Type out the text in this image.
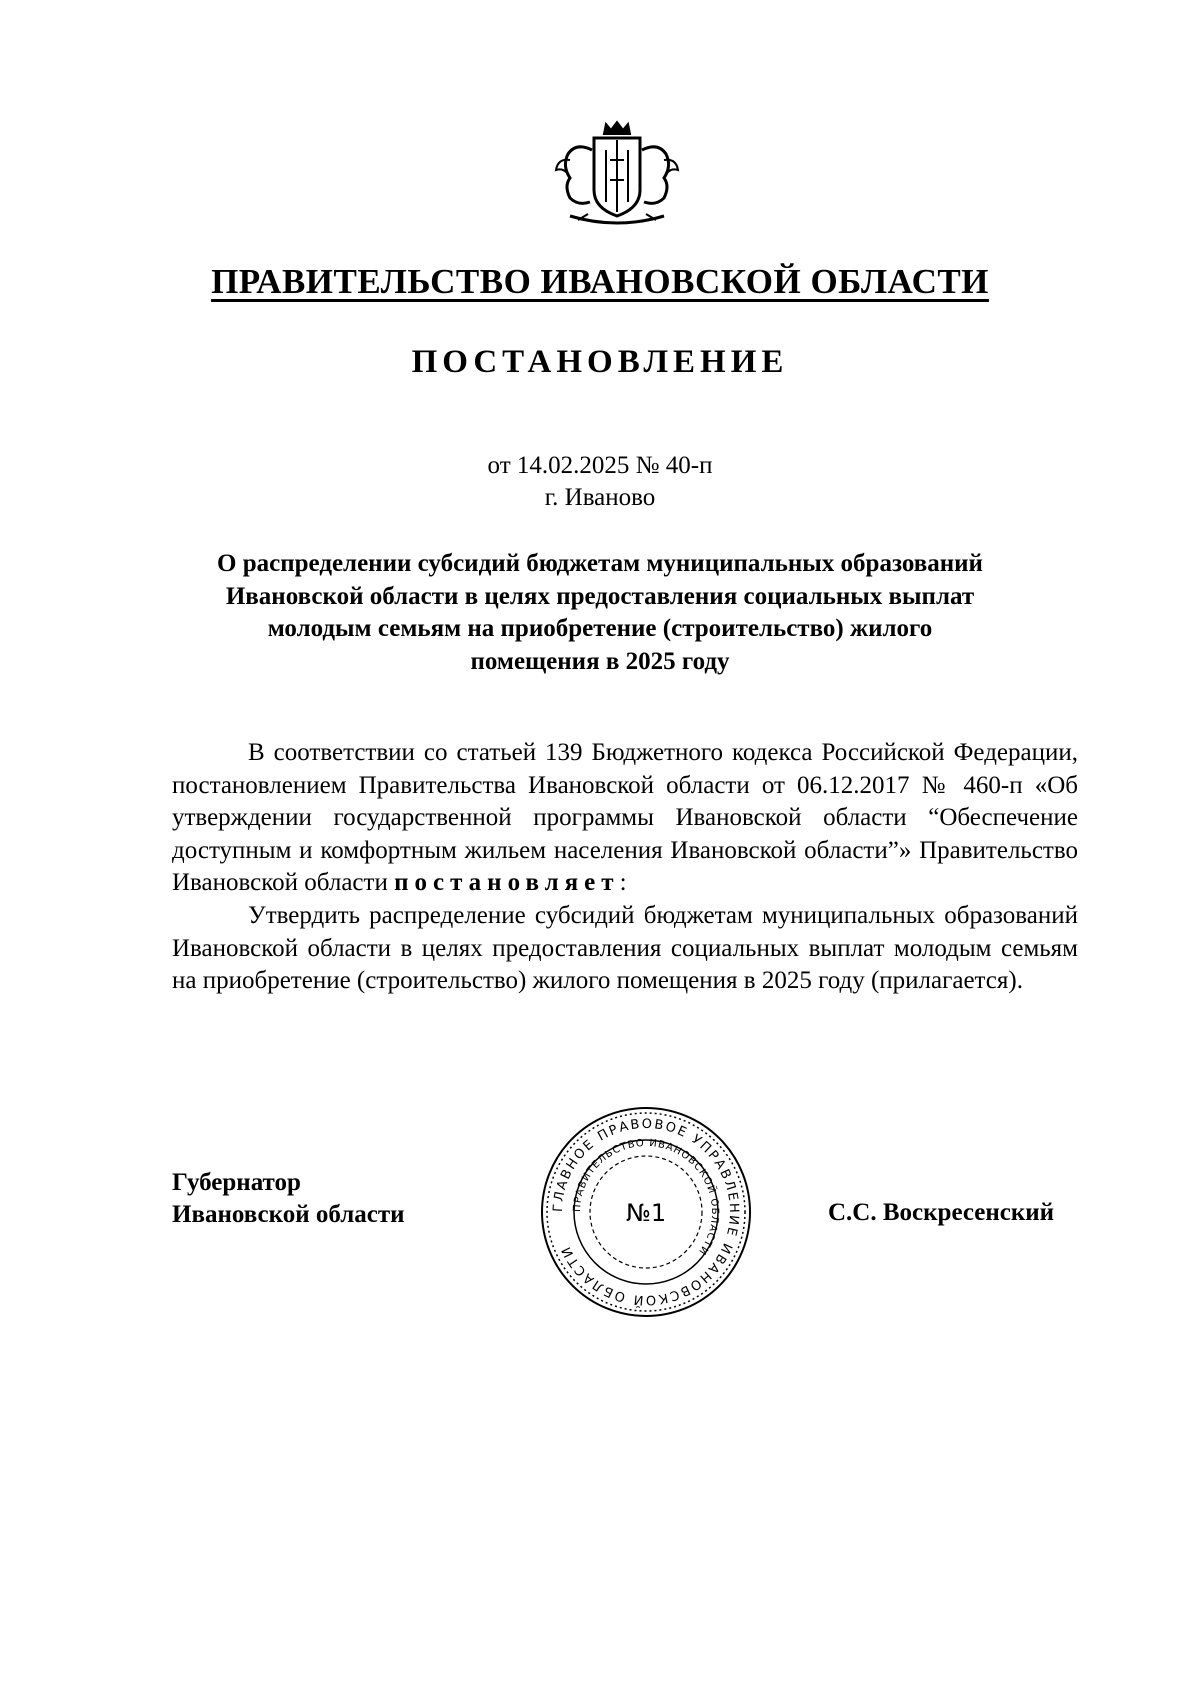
ПРАВИТЕЛЬСТВО ИВАНОВСКОЙ ОБЛАСТИ
ПОСТАНОВЛЕНИЕ
от 14.02.2025 № 40-п
г. Иваново
О распределении субсидий бюджетам муниципальных образований
Ивановской области в целях предоставления социальных выплат
молодым семьям на приобретение (строительство) жилого
помещения в 2025 году

В соответствии со статьей 139 Бюджетного кодекса Российской Федерации, постановлением Правительства Ивановской области от 06.12.2017 № 460-п «Об утверждении государственной программы Ивановской области “Обеспечение доступным и комфортным жильем населения Ивановской области”» Правительство Ивановской области постановляет:

Утвердить распределение субсидий бюджетам муниципальных образований Ивановской области в целях предоставления социальных выплат молодым семьям на приобретение (строительство) жилого помещения в 2025 году (прилагается).

Губернатор
Ивановской области	ГЛАВНОЕ ПРАВОВОЕ УПРАВЛЕНИЕ ИВАНОВСКОЙ ОБЛАСТИ
ПРАВИТЕЛЬСТВО ИВАНОВСКОЙ ОБЛАСТИ
№1	С.С. Воскресенский
